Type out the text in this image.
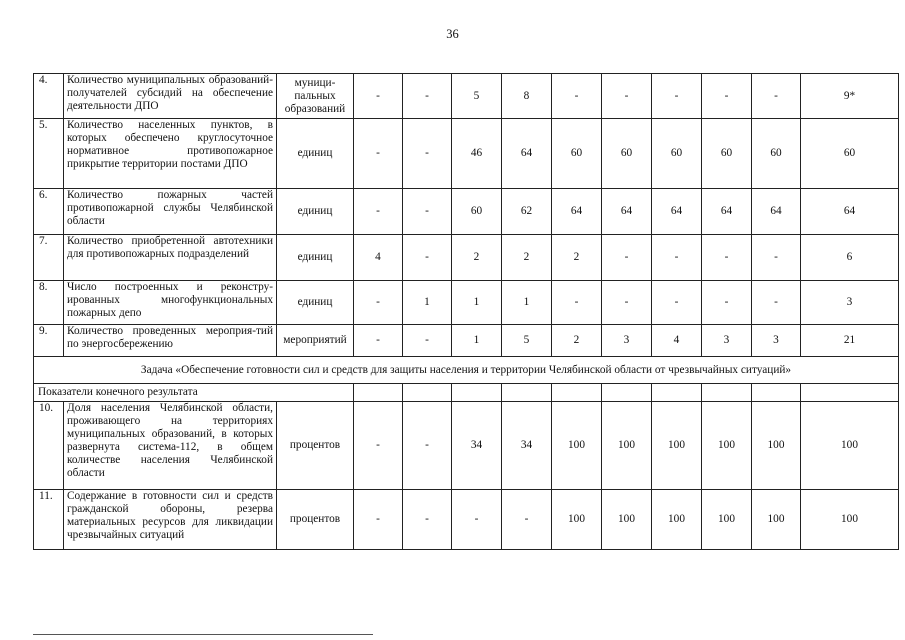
36
4.	Количество муниципальных образований-получателей субсидий на обеспечение деятельности ДПО	муници-пальных образований	-	-	5	8	-	-	-	-	-	9*
5.	Количество населенных пунктов, в которых обеспечено круглосуточное нормативное противопожарное прикрытие территории постами ДПО	единиц	-	-	46	64	60	60	60	60	60	60
6.	Количество пожарных частей противопожарной службы Челябинской области	единиц	-	-	60	62	64	64	64	64	64	64
7.	Количество приобретенной автотехники для противопожарных подразделений	единиц	4	-	2	2	2	-	-	-	-	6
8.	Число построенных и реконстру-ированных многофункциональных пожарных депо	единиц	-	1	1	1	-	-	-	-	-	3
9.	Количество проведенных мероприя-тий по энергосбережению	мероприятий	-	-	1	5	2	3	4	3	3	21
Задача «Обеспечение готовности сил и средств для защиты населения и территории Челябинской области от чрезвычайных ситуаций»												
Показатели конечного результата												
10.	Доля населения Челябинской области, проживающего на территориях муниципальных образований, в которых развернута система-112, в общем количестве населения Челябинской области	процентов	-	-	34	34	100	100	100	100	100	100
11.	Содержание в готовности сил и средств гражданской обороны, резерва материальных ресурсов для ликвидации чрезвычайных ситуаций	процентов	-	-	-	-	100	100	100	100	100	100
